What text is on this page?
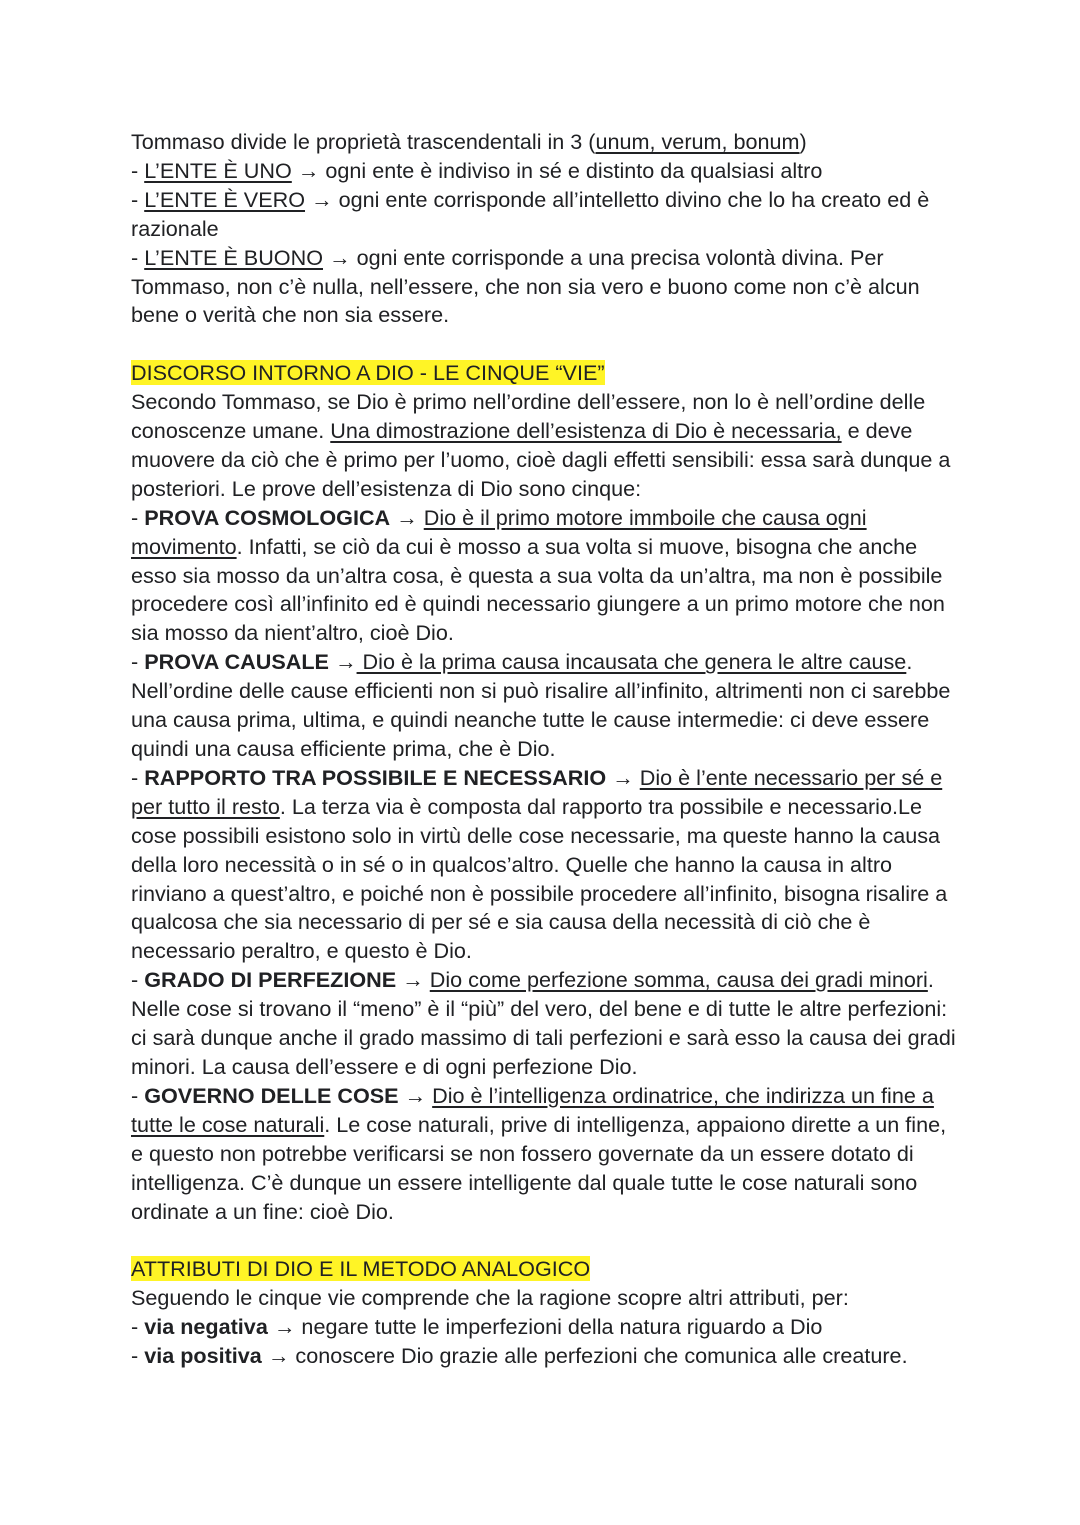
Tommaso divide le proprietà trascendentali in 3 (unum, verum, bonum)

- L’ENTE È UNO → ogni ente è indiviso in sé e distinto da qualsiasi altro

- L’ENTE È VERO → ogni ente corrisponde all’intelletto divino che lo ha creato ed è razionale

- L’ENTE È BUONO → ogni ente corrisponde a una precisa volontà divina. Per Tommaso, non c’è nulla, nell’essere, che non sia vero e buono come non c’è alcun bene o verità che non sia essere.

DISCORSO INTORNO A DIO - LE CINQUE “VIE”

Secondo Tommaso, se Dio è primo nell’ordine dell’essere, non lo è nell’ordine delle conoscenze umane. Una dimostrazione dell’esistenza di Dio è necessaria, e deve muovere da ciò che è primo per l’uomo, cioè dagli effetti sensibili: essa sarà dunque a posteriori. Le prove dell’esistenza di Dio sono cinque:

- PROVA COSMOLOGICA → Dio è il primo motore immboile che causa ogni movimento. Infatti, se ciò da cui è mosso a sua volta si muove, bisogna che anche esso sia mosso da un’altra cosa, è questa a sua volta da un’altra, ma non è possibile procedere così all’infinito ed è quindi necessario giungere a un primo motore che non sia mosso da nient’altro, cioè Dio.

- PROVA CAUSALE → Dio è la prima causa incausata che genera le altre cause. Nell’ordine delle cause efficienti non si può risalire all’infinito, altrimenti non ci sarebbe una causa prima, ultima, e quindi neanche tutte le cause intermedie: ci deve essere quindi una causa efficiente prima, che è Dio.

- RAPPORTO TRA POSSIBILE E NECESSARIO → Dio è l’ente necessario per sé e per tutto il resto. La terza via è composta dal rapporto tra possibile e necessario.Le cose possibili esistono solo in virtù delle cose necessarie, ma queste hanno la causa della loro necessità o in sé o in qualcos’altro. Quelle che hanno la causa in altro rinviano a quest’altro, e poiché non è possibile procedere all’infinito, bisogna risalire a qualcosa che sia necessario di per sé e sia causa della necessità di ciò che è necessario peraltro, e questo è Dio.

- GRADO DI PERFEZIONE → Dio come perfezione somma, causa dei gradi minori. Nelle cose si trovano il “meno” è il “più” del vero, del bene e di tutte le altre perfezioni: ci sarà dunque anche il grado massimo di tali perfezioni e sarà esso la causa dei gradi minori. La causa dell’essere e di ogni perfezione Dio.

- GOVERNO DELLE COSE → Dio è l’intelligenza ordinatrice, che indirizza un fine a tutte le cose naturali. Le cose naturali, prive di intelligenza, appaiono dirette a un fine, e questo non potrebbe verificarsi se non fossero governate da un essere dotato di intelligenza. C’è dunque un essere intelligente dal quale tutte le cose naturali sono ordinate a un fine: cioè Dio.

ATTRIBUTI DI DIO E IL METODO ANALOGICO

Seguendo le cinque vie comprende che la ragione scopre altri attributi, per:

- via negativa → negare tutte le imperfezioni della natura riguardo a Dio

- via positiva → conoscere Dio grazie alle perfezioni che comunica alle creature.
